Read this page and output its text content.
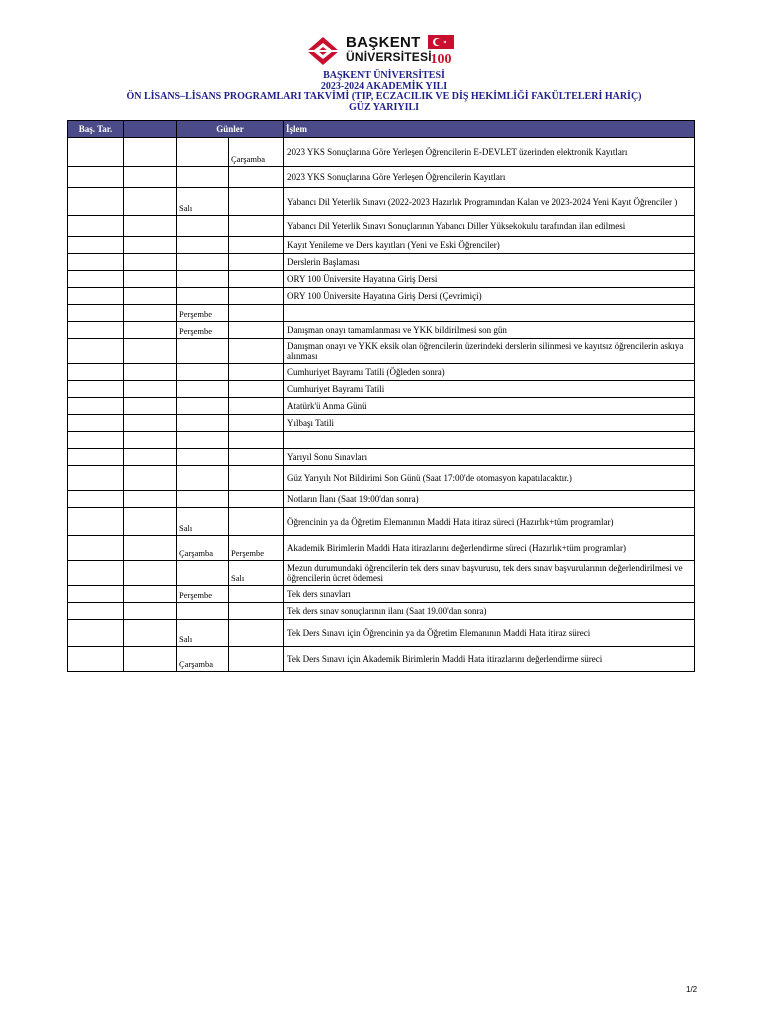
BAŞKENT
ÜNİVERSİTESİ
100
BAŞKENT ÜNİVERSİTESİ
2023-2024 AKADEMİK YILI
ÖN LİSANS–LİSANS PROGRAMLARI TAKVİMİ (TIP, ECZACILIK VE DİŞ HEKİMLİĞİ FAKÜLTELERİ HARİÇ)
GÜZ YARIYILI
Baş. Tar.		Günler		İşlem
			Çarşamba	2023 YKS Sonuçlarına Göre Yerleşen Öğrencilerin E-DEVLET üzerinden elektronik Kayıtları
				2023 YKS Sonuçlarına Göre Yerleşen Öğrencilerin Kayıtları
		Salı		Yabancı Dil Yeterlik Sınavı (2022-2023 Hazırlık Programından Kalan ve 2023-2024 Yeni Kayıt Öğrenciler )
				Yabancı Dil Yeterlik Sınavı Sonuçlarının Yabancı Diller Yüksekokulu tarafından ilan edilmesi
				Kayıt Yenileme ve Ders kayıtları (Yeni ve Eski Öğrenciler)
				Derslerin Başlaması
				ORY 100 Üniversite Hayatına Giriş Dersi
				ORY 100 Üniversite Hayatına Giriş Dersi (Çevrimiçi)
		Perşembe		
		Perşembe		Danışman onayı tamamlanması ve YKK bildirilmesi son gün
				Danışman onayı ve YKK eksik olan öğrencilerin üzerindeki derslerin silinmesi ve kayıtsız öğrencilerin askıya alınması
				Cumhuriyet Bayramı Tatili (Öğleden sonra)
				Cumhuriyet Bayramı Tatili
				Atatürk'ü Anma Günü
				Yılbaşı Tatili

				Yarıyıl Sonu Sınavları
				Güz Yarıyılı Not Bildirimi Son Günü (Saat 17:00'de otomasyon kapatılacaktır.)
				Notların İlanı (Saat 19:00'dan sonra)
		Salı		Öğrencinin ya da Öğretim Elemanının Maddi Hata itiraz süreci (Hazırlık+tüm programlar)
		Çarşamba	Perşembe	Akademik Birimlerin Maddi Hata itirazlarını değerlendirme süreci (Hazırlık+tüm programlar)
			Salı	Mezun durumundaki öğrencilerin tek ders sınav başvurusu, tek ders sınav başvurularının değerlendirilmesi ve öğrencilerin ücret ödemesi
		Perşembe		Tek ders sınavları
				Tek ders sınav sonuçlarının ilanı (Saat 19.00'dan sonra)
		Salı		Tek Ders Sınavı için Öğrencinin ya da Öğretim Elemanının Maddi Hata itiraz süreci
		Çarşamba		Tek Ders Sınavı için Akademik Birimlerin Maddi Hata itirazlarını değerlendirme süreci
1/2
